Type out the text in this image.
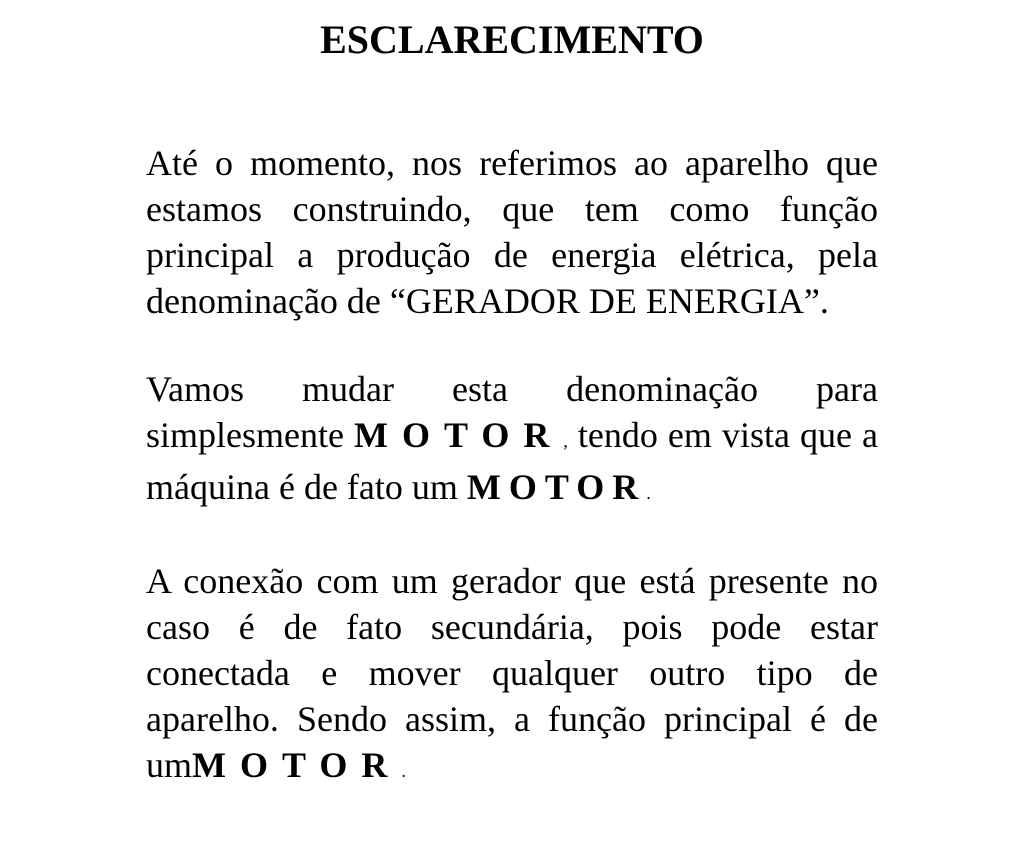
ESCLARECIMENTO

Até o momento, nos referimos ao aparelho que estamos construindo, que tem como função principal a produção de energia elétrica, pela denominação de “GERADOR DE ENERGIA”.

Vamos mudar esta denominação para simplesmente MOTOR, tendo em vista que a máquina é de fato um MOTOR.

A conexão com um gerador que está presente no caso é de fato secundária, pois pode estar conectada e mover qualquer outro tipo de aparelho. Sendo assim, a função principal é de umMOTOR.
